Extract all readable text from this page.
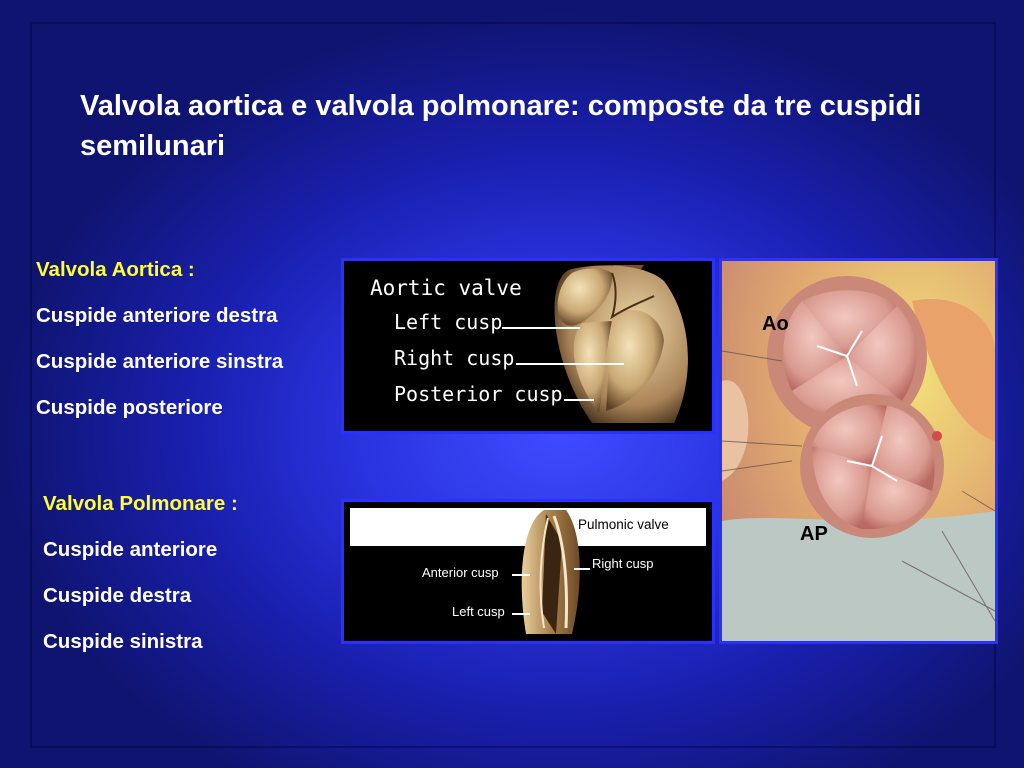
Valvola aortica e valvola polmonare: composte da tre cuspidi semilunari
Valvola Aortica :
Cuspide anteriore destra
Cuspide anteriore sinstra
Cuspide posteriore
Valvola Polmonare :
Cuspide anteriore
Cuspide destra
Cuspide sinistra
Aortic valve
Left cusp
Right cusp
Posterior cusp
Pulmonic valve
Right cusp
Anterior cusp
Left cusp
Ao
AP
